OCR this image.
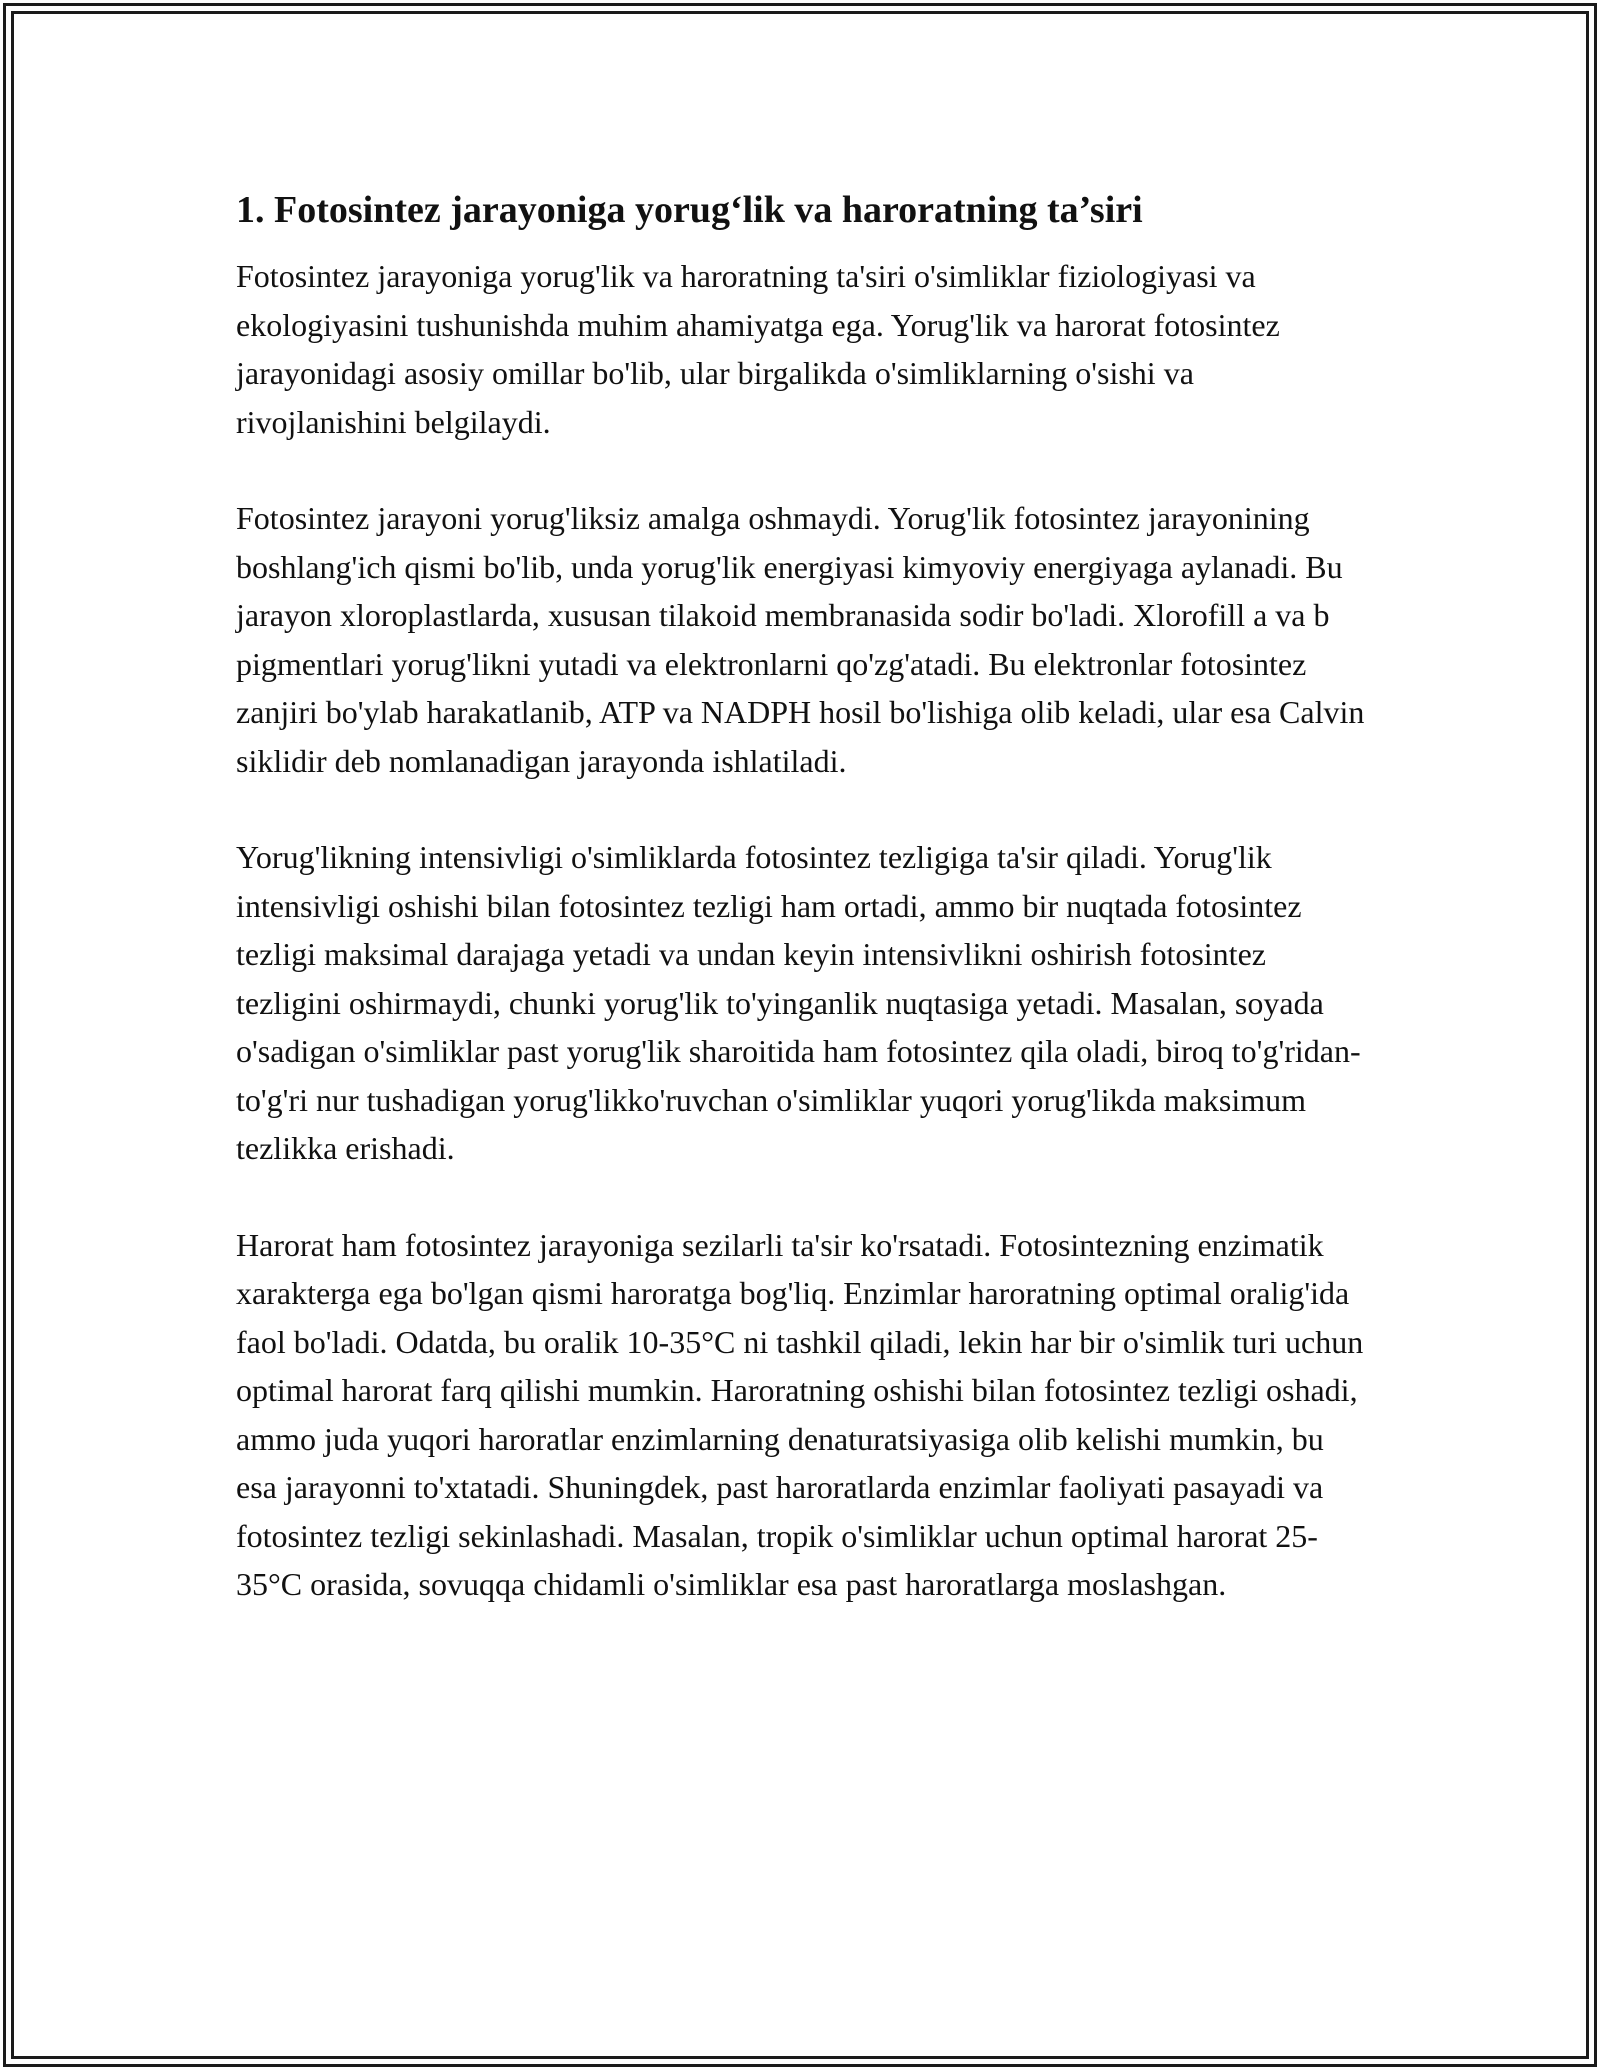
1. Fotosintez jarayoniga yorug‘lik va haroratning ta’siri

Fotosintez jarayoniga yorug'lik va haroratning ta'siri o'simliklar fiziologiyasi va ekologiyasini tushunishda muhim ahamiyatga ega. Yorug'lik va harorat fotosintez jarayonidagi asosiy omillar bo'lib, ular birgalikda o'simliklarning o'sishi va rivojlanishini belgilaydi.

Fotosintez jarayoni yorug'liksiz amalga oshmaydi. Yorug'lik fotosintez jarayonining boshlang'ich qismi bo'lib, unda yorug'lik energiyasi kimyoviy energiyaga aylanadi. Bu jarayon xloroplastlarda, xususan tilakoid membranasida sodir bo'ladi. Xlorofill a va b pigmentlari yorug'likni yutadi va elektronlarni qo'zg'atadi. Bu elektronlar fotosintez zanjiri bo'ylab harakatlanib, ATP va NADPH hosil bo'lishiga olib keladi, ular esa Calvin siklidir deb nomlanadigan jarayonda ishlatiladi.

Yorug'likning intensivligi o'simliklarda fotosintez tezligiga ta'sir qiladi. Yorug'lik intensivligi oshishi bilan fotosintez tezligi ham ortadi, ammo bir nuqtada fotosintez tezligi maksimal darajaga yetadi va undan keyin intensivlikni oshirish fotosintez tezligini oshirmaydi, chunki yorug'lik to'yinganlik nuqtasiga yetadi. Masalan, soyada o'sadigan o'simliklar past yorug'lik sharoitida ham fotosintez qila oladi, biroq to'g'ridan-to'g'ri nur tushadigan yorug'likko'ruvchan o'simliklar yuqori yorug'likda maksimum tezlikka erishadi.

Harorat ham fotosintez jarayoniga sezilarli ta'sir ko'rsatadi. Fotosintezning enzimatik xarakterga ega bo'lgan qismi haroratga bog'liq. Enzimlar haroratning optimal oralig'ida faol bo'ladi. Odatda, bu oralik 10-35°C ni tashkil qiladi, lekin har bir o'simlik turi uchun optimal harorat farq qilishi mumkin. Haroratning oshishi bilan fotosintez tezligi oshadi, ammo juda yuqori haroratlar enzimlarning denaturatsiyasiga olib kelishi mumkin, bu esa jarayonni to'xtatadi. Shuningdek, past haroratlarda enzimlar faoliyati pasayadi va fotosintez tezligi sekinlashadi. Masalan, tropik o'simliklar uchun optimal harorat 25-35°C orasida, sovuqqa chidamli o'simliklar esa past haroratlarga moslashgan.
